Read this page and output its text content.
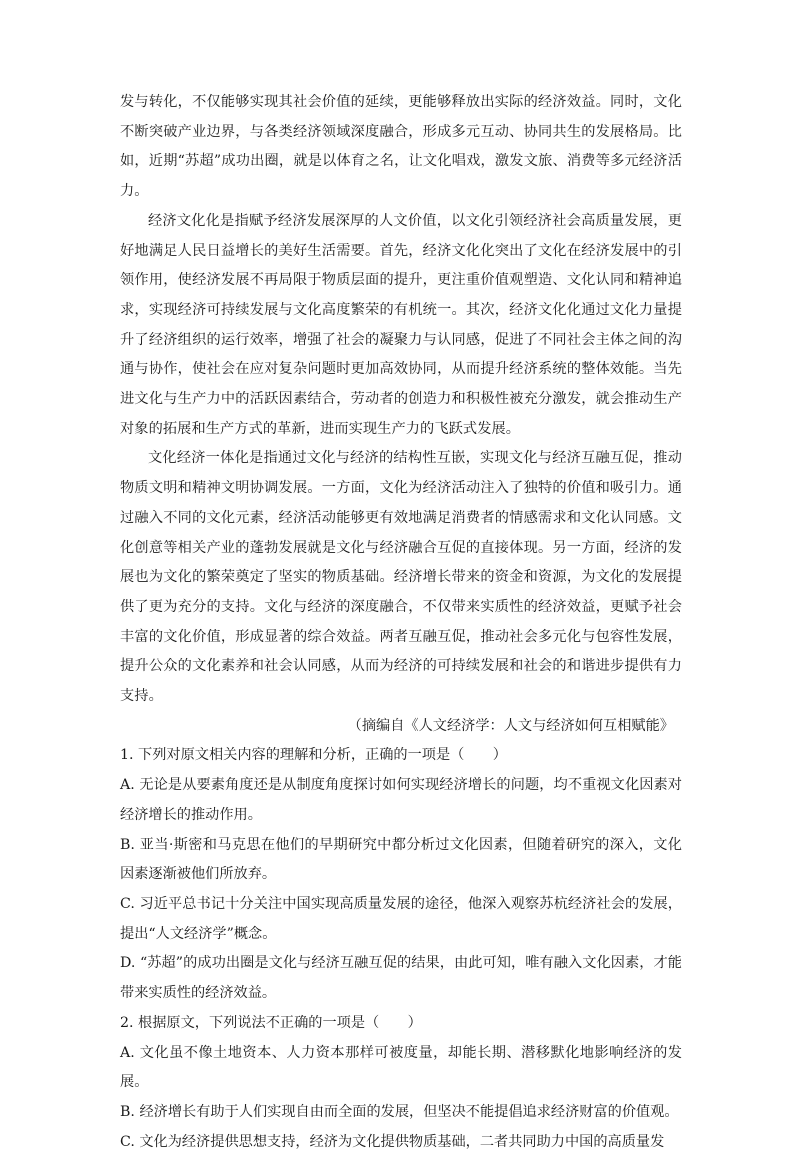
发与转化，不仅能够实现其社会价值的延续，更能够释放出实际的经济效益。同时，文化不断突破产业边界，与各类经济领域深度融合，形成多元互动、协同共生的发展格局。比如，近期“苏超”成功出圈，就是以体育之名，让文化唱戏，激发文旅、消费等多元经济活力。

经济文化化是指赋予经济发展深厚的人文价值，以文化引领经济社会高质量发展，更好地满足人民日益增长的美好生活需要。首先，经济文化化突出了文化在经济发展中的引领作用，使经济发展不再局限于物质层面的提升，更注重价值观塑造、文化认同和精神追求，实现经济可持续发展与文化高度繁荣的有机统一。其次，经济文化化通过文化力量提升了经济组织的运行效率，增强了社会的凝聚力与认同感，促进了不同社会主体之间的沟通与协作，使社会在应对复杂问题时更加高效协同，从而提升经济系统的整体效能。当先进文化与生产力中的活跃因素结合，劳动者的创造力和积极性被充分激发，就会推动生产对象的拓展和生产方式的革新，进而实现生产力的飞跃式发展。

文化经济一体化是指通过文化与经济的结构性互嵌，实现文化与经济互融互促，推动物质文明和精神文明协调发展。一方面，文化为经济活动注入了独特的价值和吸引力。通过融入不同的文化元素，经济活动能够更有效地满足消费者的情感需求和文化认同感。文化创意等相关产业的蓬勃发展就是文化与经济融合互促的直接体现。另一方面，经济的发展也为文化的繁荣奠定了坚实的物质基础。经济增长带来的资金和资源，为文化的发展提供了更为充分的支持。文化与经济的深度融合，不仅带来实质性的经济效益，更赋予社会丰富的文化价值，形成显著的综合效益。两者互融互促，推动社会多元化与包容性发展，提升公众的文化素养和社会认同感，从而为经济的可持续发展和社会的和谐进步提供有力支持。

（摘编自《人文经济学：人文与经济如何互相赋能》

1. 下列对原文相关内容的理解和分析，正确的一项是（　　）

A. 无论是从要素角度还是从制度角度探讨如何实现经济增长的问题，均不重视文化因素对经济增长的推动作用。

B. 亚当·斯密和马克思在他们的早期研究中都分析过文化因素，但随着研究的深入，文化因素逐渐被他们所放弃。

C. 习近平总书记十分关注中国实现高质量发展的途径，他深入观察苏杭经济社会的发展，提出“人文经济学”概念。

D. “苏超”的成功出圈是文化与经济互融互促的结果，由此可知，唯有融入文化因素，才能带来实质性的经济效益。

2. 根据原文，下列说法不正确的一项是（　　）

A. 文化虽不像土地资本、人力资本那样可被度量，却能长期、潜移默化地影响经济的发展。

B. 经济增长有助于人们实现自由而全面的发展，但坚决不能提倡追求经济财富的价值观。

C. 文化为经济提供思想支持，经济为文化提供物质基础，二者共同助力中国的高质量发
